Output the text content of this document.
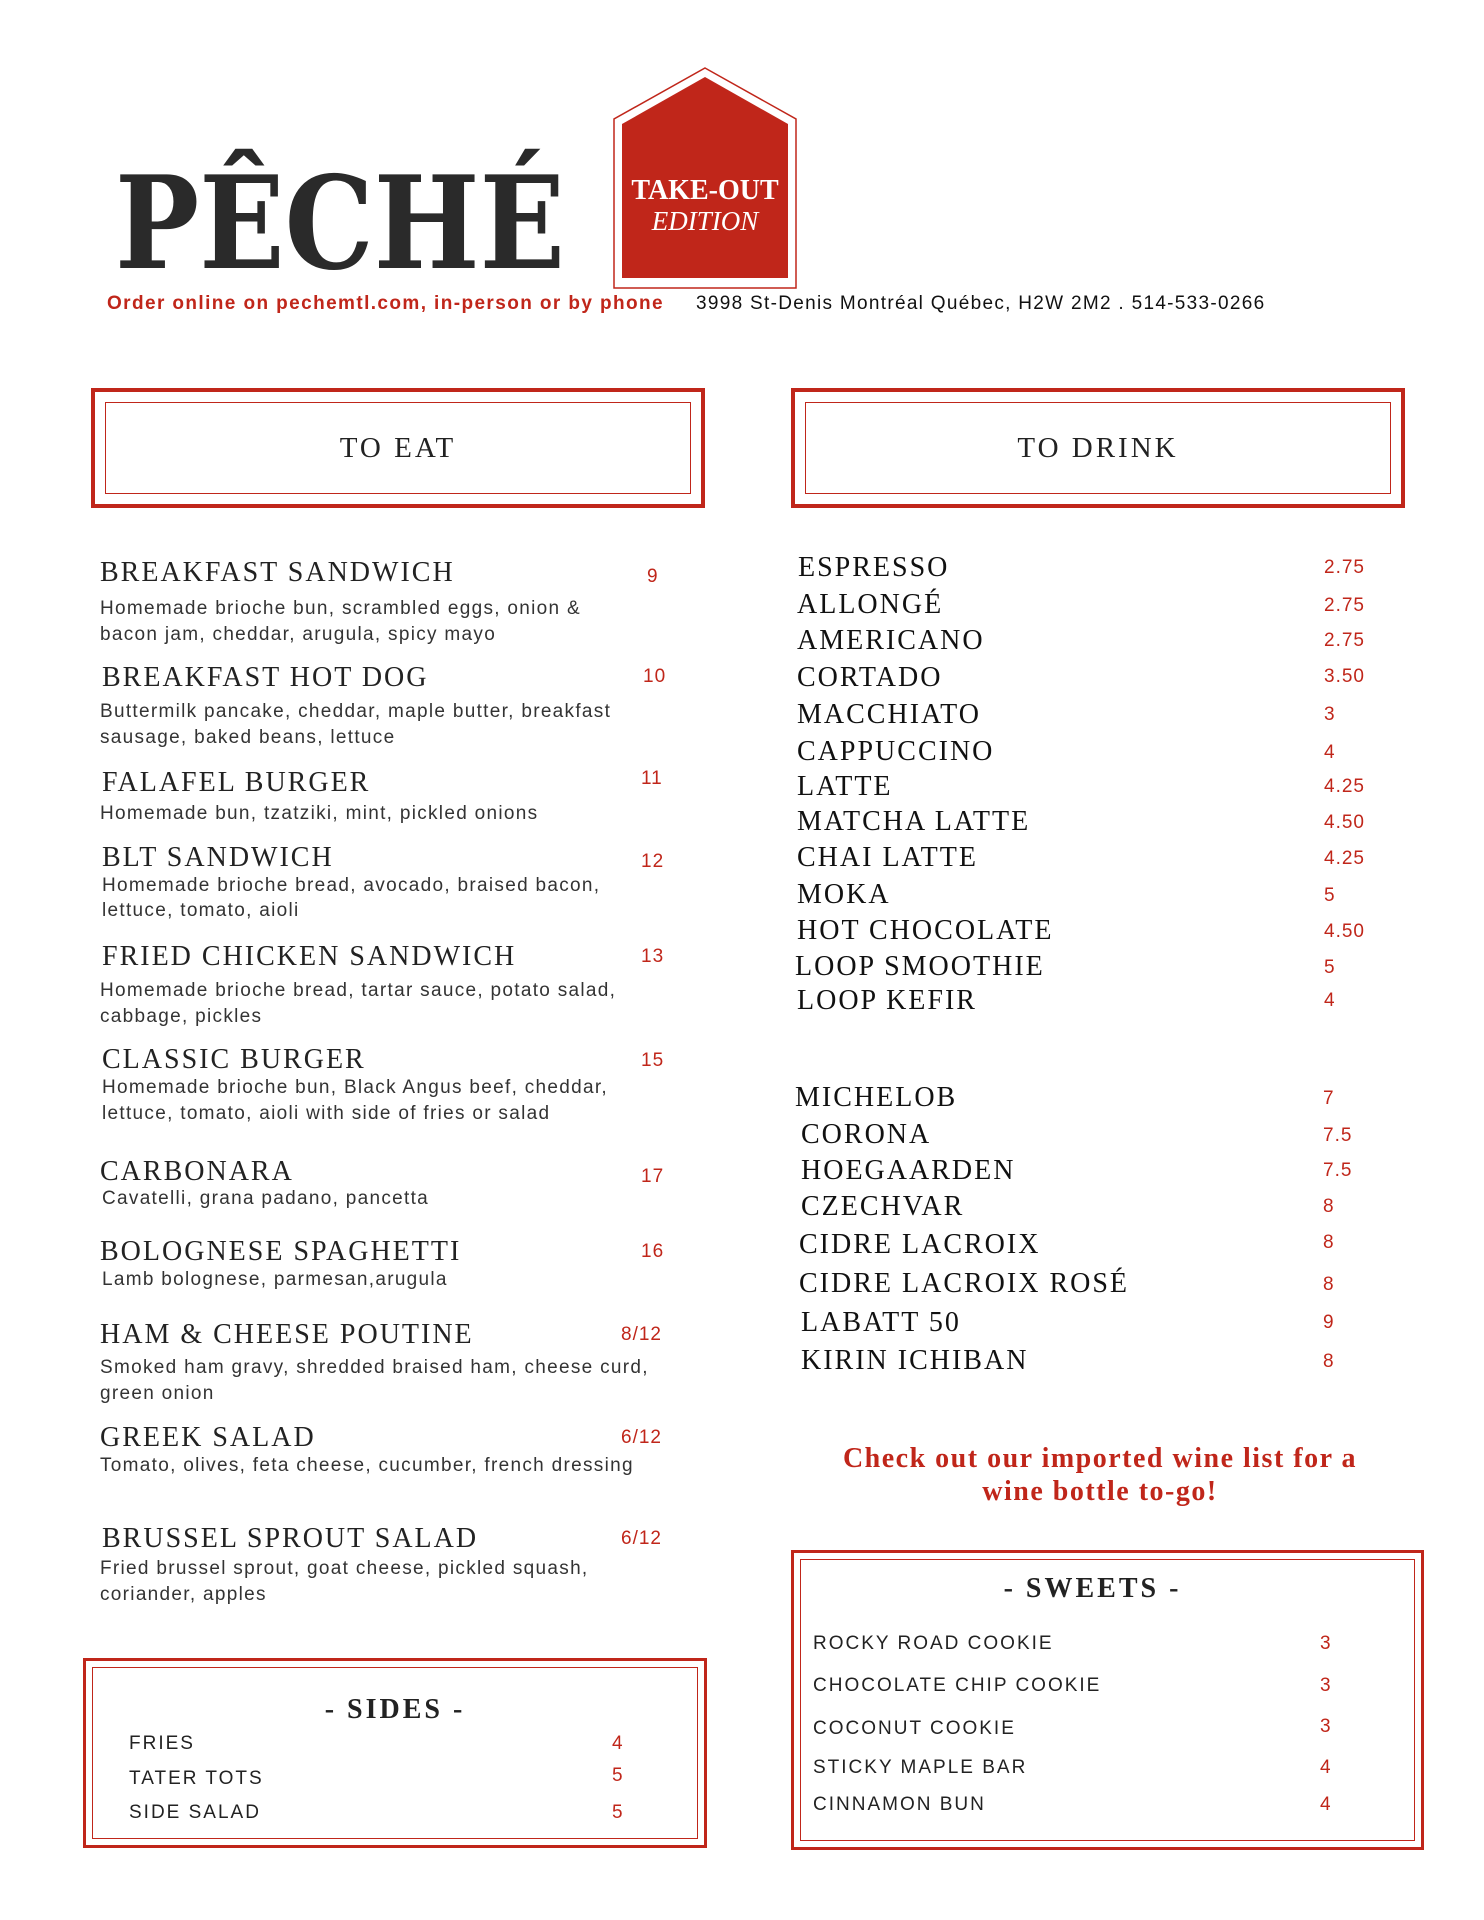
PÊCHÉ	TAKE-OUT
EDITION
Order online on pechemtl.com, in-person or by phone 3998 St-Denis Montréal Québec, H2W 2M2 . 514-533-0266
TO EAT	TO DRINK
BREAKFAST SANDWICH	9
Homemade brioche bun, scrambled eggs, onion &
bacon jam, cheddar, arugula, spicy mayo
BREAKFAST HOT DOG	10
Buttermilk pancake, cheddar, maple butter, breakfast
sausage, baked beans, lettuce
FALAFEL BURGER	11
Homemade bun, tzatziki, mint, pickled onions
BLT SANDWICH	12
Homemade brioche bread, avocado, braised bacon,
lettuce, tomato, aioli
FRIED CHICKEN SANDWICH	13
Homemade brioche bread, tartar sauce, potato salad,
cabbage, pickles
CLASSIC BURGER	15
Homemade brioche bun, Black Angus beef, cheddar,
lettuce, tomato, aioli with side of fries or salad
CARBONARA	17
Cavatelli, grana padano, pancetta
BOLOGNESE SPAGHETTI	16
Lamb bolognese, parmesan,arugula
HAM & CHEESE POUTINE	8/12
Smoked ham gravy, shredded braised ham, cheese curd,
green onion
GREEK SALAD	6/12
Tomato, olives, feta cheese, cucumber, french dressing
BRUSSEL SPROUT SALAD	6/12
Fried brussel sprout, goat cheese, pickled squash,
coriander, apples
- SIDES -
FRIES	4
TATER TOTS	5
SIDE SALAD	5
ESPRESSO	2.75
ALLONGÉ	2.75
AMERICANO	2.75
CORTADO	3.50
MACCHIATO	3
CAPPUCCINO	4
LATTE	4.25
MATCHA LATTE	4.50
CHAI LATTE	4.25
MOKA	5
HOT CHOCOLATE	4.50
LOOP SMOOTHIE	5
LOOP KEFIR	4
MICHELOB	7
CORONA	7.5
HOEGAARDEN	7.5
CZECHVAR	8
CIDRE LACROIX	8
CIDRE LACROIX ROSÉ	8
LABATT 50	9
KIRIN ICHIBAN	8
Check out our imported wine list for a
wine bottle to-go!
- SWEETS -
ROCKY ROAD COOKIE	3
CHOCOLATE CHIP COOKIE	3
COCONUT COOKIE	3
STICKY MAPLE BAR	4
CINNAMON BUN	4
